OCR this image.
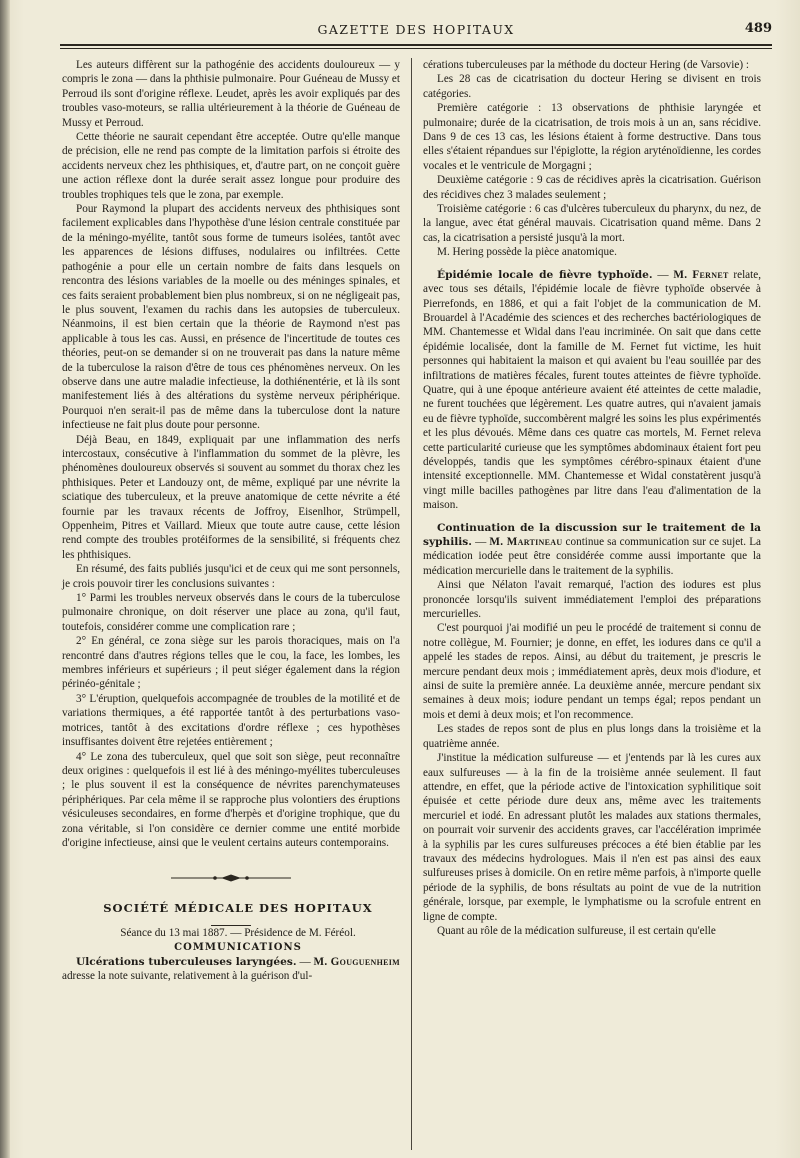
GAZETTE DES HOPITAUX	489

Les auteurs diffèrent sur la pathogénie des accidents douloureux — y compris le zona — dans la phthisie pulmonaire. Pour Guéneau de Mussy et Perroud ils sont d'origine réflexe. Leudet, après les avoir expliqués par des troubles vaso-moteurs, se rallia ultérieurement à la théorie de Guéneau de Mussy et Perroud.

Cette théorie ne saurait cependant être acceptée. Outre qu'elle manque de précision, elle ne rend pas compte de la limitation parfois si étroite des accidents nerveux chez les phthisiques, et, d'autre part, on ne conçoit guère une action réflexe dont la durée serait assez longue pour produire des troubles trophiques tels que le zona, par exemple.

Pour Raymond la plupart des accidents nerveux des phthisiques sont facilement explicables dans l'hypothèse d'une lésion centrale constituée par de la méningo-myélite, tantôt sous forme de tumeurs isolées, tantôt avec les apparences de lésions diffuses, nodulaires ou infiltrées. Cette pathogénie a pour elle un certain nombre de faits dans lesquels on rencontra des lésions variables de la moelle ou des méninges spinales, et ces faits seraient probablement bien plus nombreux, si on ne négligeait pas, le plus souvent, l'examen du rachis dans les autopsies de tuberculeux. Néanmoins, il est bien certain que la théorie de Raymond n'est pas applicable à tous les cas. Aussi, en présence de l'incertitude de toutes ces théories, peut-on se demander si on ne trouverait pas dans la nature même de la tuberculose la raison d'être de tous ces phénomènes nerveux. On les observe dans une autre maladie infectieuse, la dothiénentérie, et là ils sont manifestement liés à des altérations du système nerveux périphérique. Pourquoi n'en serait-il pas de même dans la tuberculose dont la nature infectieuse ne fait plus doute pour personne.

Déjà Beau, en 1849, expliquait par une inflammation des nerfs intercostaux, consécutive à l'inflammation du sommet de la plèvre, les phénomènes douloureux observés si souvent au sommet du thorax chez les phthisiques. Peter et Landouzy ont, de même, expliqué par une névrite la sciatique des tuberculeux, et la preuve anatomique de cette névrite a été fournie par les travaux récents de Joffroy, Eisenlhor, Strümpell, Oppenheim, Pitres et Vaillard. Mieux que toute autre cause, cette lésion rend compte des troubles protéiformes de la sensibilité, si fréquents chez les phthisiques.

En résumé, des faits publiés jusqu'ici et de ceux qui me sont personnels, je crois pouvoir tirer les conclusions suivantes :

1° Parmi les troubles nerveux observés dans le cours de la tuberculose pulmonaire chronique, on doit réserver une place au zona, qu'il faut, toutefois, considérer comme une complication rare ;

2° En général, ce zona siège sur les parois thoraciques, mais on l'a rencontré dans d'autres régions telles que le cou, la face, les lombes, les membres inférieurs et supérieurs ; il peut siéger également dans la région périnéo-génitale ;

3° L'éruption, quelquefois accompagnée de troubles de la motilité et de variations thermiques, a été rapportée tantôt à des perturbations vaso-motrices, tantôt à des excitations d'ordre réflexe ; ces hypothèses insuffisantes doivent être rejetées entièrement ;

4° Le zona des tuberculeux, quel que soit son siège, peut reconnaître deux origines : quelquefois il est lié à des méningo-myélites tuberculeuses ; le plus souvent il est la conséquence de névrites parenchymateuses périphériques. Par cela même il se rapproche plus volontiers des éruptions vésiculeuses secondaires, en forme d'herpès et d'origine trophique, que du zona véritable, si l'on considère ce dernier comme une entité morbide d'origine infectieuse, ainsi que le veulent certains auteurs contemporains.

SOCIÉTÉ MÉDICALE DES HOPITAUX

Séance du 13 mai 1887. — Présidence de M. Féréol.

COMMUNICATIONS

Ulcérations tuberculeuses laryngées. — M. Gouguenheim adresse la note suivante, relativement à la guérison d'ul-

cérations tuberculeuses par la méthode du docteur Hering (de Varsovie) :

Les 28 cas de cicatrisation du docteur Hering se divisent en trois catégories.

Première catégorie : 13 observations de phthisie laryngée et pulmonaire; durée de la cicatrisation, de trois mois à un an, sans récidive. Dans 9 de ces 13 cas, les lésions étaient à forme destructive. Dans tous elles s'étaient répandues sur l'épiglotte, la région aryténoïdienne, les cordes vocales et le ventricule de Morgagni ;

Deuxième catégorie : 9 cas de récidives après la cicatrisation. Guérison des récidives chez 3 malades seulement ;

Troisième catégorie : 6 cas d'ulcères tuberculeux du pharynx, du nez, de la langue, avec état général mauvais. Cicatrisation quand même. Dans 2 cas, la cicatrisation a persisté jusqu'à la mort.

M. Hering possède la pièce anatomique.

Épidémie locale de fièvre typhoïde. — M. Fernet relate, avec tous ses détails, l'épidémie locale de fièvre typhoïde observée à Pierrefonds, en 1886, et qui a fait l'objet de la communication de M. Brouardel à l'Académie des sciences et des recherches bactériologiques de MM. Chantemesse et Widal dans l'eau incriminée. On sait que dans cette épidémie localisée, dont la famille de M. Fernet fut victime, les huit personnes qui habitaient la maison et qui avaient bu l'eau souillée par des infiltrations de matières fécales, furent toutes atteintes de fièvre typhoïde. Quatre, qui à une époque antérieure avaient été atteintes de cette maladie, ne furent touchées que légèrement. Les quatre autres, qui n'avaient jamais eu de fièvre typhoïde, succombèrent malgré les soins les plus expérimentés et les plus dévoués. Même dans ces quatre cas mortels, M. Fernet releva cette particularité curieuse que les symptômes abdominaux étaient fort peu développés, tandis que les symptômes cérébro-spinaux étaient d'une intensité exceptionnelle. MM. Chantemesse et Widal constatèrent jusqu'à vingt mille bacilles pathogènes par litre dans l'eau d'alimentation de la maison.

Continuation de la discussion sur le traitement de la syphilis. — M. Martineau continue sa communication sur ce sujet. La médication iodée peut être considérée comme aussi importante que la médication mercurielle dans le traitement de la syphilis.

Ainsi que Nélaton l'avait remarqué, l'action des iodures est plus prononcée lorsqu'ils suivent immédiatement l'emploi des préparations mercurielles.

C'est pourquoi j'ai modifié un peu le procédé de traitement si connu de notre collègue, M. Fournier; je donne, en effet, les iodures dans ce qu'il a appelé les stades de repos. Ainsi, au début du traitement, je prescris le mercure pendant deux mois ; immédiatement après, deux mois d'iodure, et ainsi de suite la première année. La deuxième année, mercure pendant six semaines à deux mois; iodure pendant un temps égal; repos pendant un mois et demi à deux mois; et l'on recommence.

Les stades de repos sont de plus en plus longs dans la troisième et la quatrième année.

J'institue la médication sulfureuse — et j'entends par là les cures aux eaux sulfureuses — à la fin de la troisième année seulement. Il faut attendre, en effet, que la période active de l'intoxication syphilitique soit épuisée et cette période dure deux ans, même avec les traitements mercuriel et iodé. En adressant plutôt les malades aux stations thermales, on pourrait voir survenir des accidents graves, car l'accélération imprimée à la syphilis par les cures sulfureuses précoces a été bien établie par les travaux des médecins hydrologues. Mais il n'en est pas ainsi des eaux sulfureuses prises à domicile. On en retire même parfois, à n'importe quelle période de la syphilis, de bons résultats au point de vue de la nutrition générale, lorsque, par exemple, le lymphatisme ou la scrofule entrent en ligne de compte.

Quant au rôle de la médication sulfureuse, il est certain qu'elle
